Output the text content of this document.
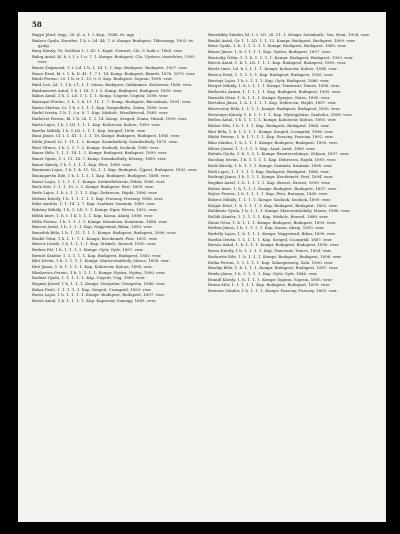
58
Bagyó Józef, őrgy., 28. K. u. 1. I. Kap., 1848. év. ugy.
Badacs Gyula, Ezredes, 1 h. t. Ld. 44. 7. 6. Kompr. Budapest, Tábornagy, 1903. év. gyalg.
Berg Károly, Gr. Szólóna 1. I. III. 1. Kapit. Nemzet, Cla. 9. hadi s. 1869. vezr.
Balog Antal, kl. h. t. I. t. 1 u. 7. 1. Kompr. Budapest, Cla. Ujváros, tiszteletes, 1905. vezr.
Bauer Zsigmond, 1. t. Ld. 1 h. 1. 14. 1. 1. kap. Budapest, Budapest, 1897. vezr.
Basor Ernő, kl. t. 1. k. II. 41. 1. 7 1. 14. Komp. Budapest, Bánrév, 1876. 1870. vezr.
Bárdi Ferenc, 20. 1 h. tr 1. 13. 9. 8. Kap. Budapest, Sopron, 1898. vezr.
Bárd Leó, Ld. 1. 1 h. t 1, 1. 1. Sásza, Budapest, Indiánmez. Kolozsvár, 1889. vezr.
Bardanavert Antal, 1 h. I. 18. 1. I. 5. Komp. Budapest, Budapest, 1899. vezr.
Bakos Antal, 1 h. 1. LD. 1. 1. 1. 1. Komp. Ungvár, Ungvár, 1898. vezr.
Baranyai Ferenc, 1. h. 1. k. 11. 11. 1. 7. Komp. Budapest, Bácsalmás, 1891. vezr.
Barna Márton, Lt. 1 h. t. 1. 1. 1. Kap. Szegedfalva, Zenta, 1896. vezr.
Barkó István, 1 h. 1. 3 u. 8. 7. Kap. Miskolc, Mezőkövesd, 1885. vezr.
Barkóczi Ferenc, kl. 1 h. 28. 1. 1. 14. Komp. Szeged, Zenta, Váradi, 1899. vezr.
Barta Lajos, 1 h. 1 LD. 1. 1. 1. Kap. Kolozsvár, Kolozs, 1899. vezr.
Bartha Mihály, 1 h. 1 LD. 1. 1. 1. Kap. Szeged, 1896. vezr.
Basa János, Cl. I. 1. 41. 1. 1. 3. 18. Kompr. Budapest, Budapest, 1885. vezr.
Bátki József, Lt. 1. 11. 1. 2. Kompr. Szombathely, Szombathely, 1875. vezr.
Bató Vilmos, 1 h. 1. 1. 7. 2. Kompr. Szolnok, Szolnok, 1880. vezr.
Bauer Béla, 1. 1. 1. 14. 1. 2. Kompr. Budapest, Budapest, 1899. vezr.
Bauer Ignác, 1. t. 11. 14. 7. Komp. Szombathely, Kőszeg, 1889. vezr.
Bauer Károly, 1 h. 1. 1. 1. 1. Kap. Pécs, 1898. vezr.
Baumann Lajos, 1 h. 1. k. 11. 16. 1. 1. Kap. Budapest, Újpest, Budapest, 1892. vezr.
Baumgarten Ede, 1 h. 1. 1. 1. 1. Kap. Budapest, Budapest, 1888. vezr.
Bazsó Lajos, 1. 1. 1. 1. 1. Kompr. Székesfehérvár, Fehér, 1886. vezr.
Beck Mór, 1. 1. 1. 10. 2. 3. Kompr. Budapest, Pest, 1899. vezr.
Bede Lajos, 1. h. t. 1. 1. 1. 1. Kap. Debrecen, Hajdú, 1896. vezr.
Bednár Károly, 1 h. 1. 1. 1. 1. 1. Kap. Pozsony, Pozsony, 1896. vezr.
Beke András, 1. 1. 14. 1. 7. Kap. Szatmár, Szatmár, 1889. vezr.
Bekény Mihály, 1 h. 1. LD. 1. 1. Kompr. Eger, Heves, 1892. vezr.
Belák Imre, 1. h. t. 1 k. 1. 1. 1. Kap. Kassa, Abaúj, 1888. vezr.
Bella Ferenc, 1 h. 1. 1. 1. 1. Kompr. Komárom, Komárom, 1884. vezr.
Bencze Antal, 1 h. 1. 1. 1. Kap. Nagyvárad, Bihar, 1899. vezr.
Benedek Béla, 1 h. 1. 11. 1. 1. 1. Kompr. Budapest, Budapest, 1896. vezr.
Benkő Géza, 1 h. 1. 1. 7. 1. Kompr. Kecskemét, Pest, 1891. vezr.
Berecz László, 1 h. 1. 1. 1. 1. Kap. Miskolc, Borsod, 1895. vezr.
Berkes Pál, 1 h. 1. 1. 1. 1. Kompr. Győr, Győr, 1897. vezr.
Bernát Sándor, 1. 1. 1. 1. 1. Kap. Budapest, Budapest, 1883. vezr.
Bíró István, 1 h. 1. 1. 1. 1. Kompr. Marosvásárhely, Maros, 1898. vezr.
Bíró János, 1. h. 1. 1. 1. 1. Kap. Kolozsvár, Kolozs, 1894. vezr.
Blaskovics Ferenc, 1 h. 1. 1. 1. 1. Kompr. Nyitra, Nyitra, 1890. vezr.
Bodnár Gyula, 1. 1. 1. 1. 1. Kap. Ungvár, Ung, 1899. vezr.
Bognár József, 1 h. 1. 1. 1. Kompr. Veszprém, Veszprém, 1886. vezr.
Bokor Ernő, 1. 1. 1. 1. 1. Kap. Szeged, Csongrád, 1893. vezr.
Boros Lajos, 1 h. 1. 1. 1. 1. Kompr. Budapest, Budapest, 1897. vezr.
Bozsó Antal, 1 h. 1. 1. 1. 1. Kap. Kaposvár, Somogy, 1885. vezr.
Benedikty Sándor, kl. 1. t. LD. 26. 11. 1. Kompr. Szombath., Vas, Hont, 1904. vezr.
Benkő Antal, Gr. 1. 1. LD. 1. 1. 12. Kompr. Budapest, Budapest, 1899. vezr.
Bene Gyula, 1. h. 1. 1. 1. 1. 1. Kompr. Budapest, Budapest, 1889. vezr.
Benes János, 1. h. I. 1. 1. 1. Kap. Nyitra, Budapest, 1897. vezr.
Beniczky Ödön, 1. 1. h. 1. 1. 1. 1. Kompr. Budapest, Budapest, 1903. vezr.
Bérczi Antal, 1. h. 1. LD. 1. 1. 1. Kap. Budapest, Budapest, 1899. vezr.
Berde Imre, Ld. h. t. 1. 1. 1. Kompr. Kolozsvár, Kolozs, 1894. vezr.
Berecz Ernő, 1. 1. 1. 1. 1. Kap. Budapest, Budapest, 1895. vezr.
Berényi Lajos, 1 h. t. 1. 1. 1. Kap. Győr, Budapest, 1888. vezr.
Berger Mihály, 1. h. t. 1. 1. 1. Kompr. Temesvár, Temes, 1896. vezr.
Berkovits Ármin, 1. 1. 1. 1. 1. Kap. Budapest, Budapest, 1899. vezr.
Bernáth Géza, 1. h. 1. 1. 1. Kompr. Eperjes, Sáros, 1890. vezr.
Bertalan János, 1. h. 1. 1. 1. 1. Kap. Debrecen, Hajdú, 1887. vezr.
Berzeviczy Béla, 1. 1. 1. 1. Kompr. Budapest, Budapest, 1893. vezr.
Bessenyei Károly, 1. h. 1. 1. 1. 1. Kap. Nyíregyháza, Szabolcs, 1898. vezr.
Betlen Antal, 1 h. 1. 1. 1. 1. Kompr. Kolozsvár, Kolozs, 1895. vezr.
Bieber Ede, 1 h. 1. 1. 1. Kap. Budapest, Budapest, 1884. vezr.
Biró Béla, 1. h. 1. 1. 1. 1. Kompr. Szeged, Csongrád, 1896. vezr.
Blahó Ferenc, 1. h. 1. 1. 1. 1. Kap. Pozsony, Pozsony, 1892. vezr.
Blau Sándor, 1. h. 1. 1. 1. Kompr. Budapest, Budapest, 1899. vezr.
Bleier József, 1. 1. 1. 1. 1. Kap. Arad, Arad, 1889. vezr.
Bobula Gyula, 1. h. 1. 1. 1. Kompr. Besztercebánya, Zólyom, 1897. vezr.
Bocskay István, 1 h. 1. 1. 1. 1. Kap. Debrecen, Hajdú, 1893. vezr.
Bodó Károly, 1. h. 1. 1. 1. Kompr. Szatmár, Szatmár, 1898. vezr.
Bódi Lajos, 1. 1. 1. 1. 1. Kap. Budapest, Budapest, 1886. vezr.
Bodrogi János, 1 h. 1. 1. 1. Kompr. Kecskemét, Pest, 1894. vezr.
Bogdán Antal, 1. h. 1. 1. 1. 1. Kap. Brassó, Brassó, 1890. vezr.
Bohus Imre, 1. h. 1. 1. 1. Kompr. Budapest, Budapest, 1897. vezr.
Bojtor Ferenc, 1 h. 1. 1. 1. 1. Kap. Pécs, Baranya, 1885. vezr.
Bokros Mihály, 1. 1. 1. 1. Kompr. Szolnok, Szolnok, 1899. vezr.
Bolgár Ernő, 1. h. 1. 1. 1. 1. Kap. Budapest, Budapest, 1892. vezr.
Boldizsár Gyula, 1 h. 1. 1. 1. Kompr. Marosvásárhely, Maros, 1896. vezr.
Bollók Sándor, 1. 1. 1. 1. 1. Kap. Miskolc, Borsod, 1888. vezr.
Bónis Géza, 1. h. 1. 1. 1. Kompr. Budapest, Budapest, 1895. vezr.
Borbás János, 1 h. 1. 1. 1. 1. Kap. Kassa, Abaúj, 1893. vezr.
Borbély Lajos, 1. h. 1. 1. 1. Kompr. Nagyvárad, Bihar, 1899. vezr.
Bordás István, 1. 1. 1. 1. 1. Kap. Szeged, Csongrád, 1887. vezr.
Borsos Antal, 1. h. 1. 1. 1. Kompr. Budapest, Budapest, 1896. vezr.
Borza Károly, 1 h. 1. 1. 1. 1. Kap. Temesvár, Temes, 1894. vezr.
Boskovits Ede, 1. h. 1. 1. 1. Kompr. Budapest, Budapest, 1898. vezr.
Botka Ferenc, 1. 1. 1. 1. 1. Kap. Zalaegerszeg, Zala, 1890. vezr.
Bozóky Béla, 1. h. 1. 1. 1. Kompr. Budapest, Budapest, 1897. vezr.
Bráda János, 1 h. 1. 1. 1. 1. Kap. Győr, Győr, 1886. vezr.
Brandl Károly, 1. h. 1. 1. 1. Kompr. Sopron, Sopron, 1895. vezr.
Braun Mór, 1. 1. 1. 1. 1. Kap. Budapest, Budapest, 1899. vezr.
Brenner Sándor, 1 h. 1. 1. 1. Kompr. Pozsony, Pozsony, 1893. vezr.
